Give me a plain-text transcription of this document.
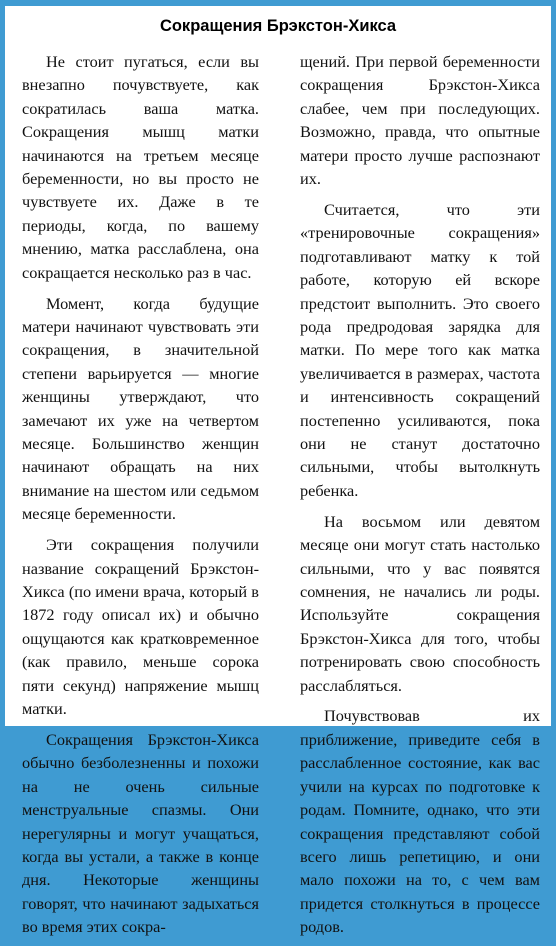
Сокращения Брэкстон-Хикса

Не стоит пугаться, если вы внезапно почувствуете, как сократилась ваша матка. Сокращения мышц матки начинаются на третьем месяце беременности, но вы просто не чувствуете их. Даже в те периоды, когда, по вашему мнению, матка расслаблена, она сокращается несколько раз в час.

Момент, когда будущие матери начинают чувствовать эти сокращения, в значительной степени варьируется — многие женщины утверждают, что замечают их уже на четвертом месяце. Большинство женщин начинают обращать на них внимание на шестом или седьмом месяце беременности.

Эти сокращения получили название сокращений Брэкстон-Хикса (по имени врача, который в 1872 году описал их) и обычно ощущаются как кратковременное (как правило, меньше сорока пяти секунд) напряжение мышц матки.

Сокращения Брэкстон-Хикса обычно безболезненны и похожи на не очень сильные менструальные спазмы. Они нерегулярны и могут учащаться, когда вы устали, а также в конце дня. Некоторые женщины говорят, что начинают задыхаться во время этих сокра-

щений. При первой беременности сокращения Брэкстон-Хикса слабее, чем при последующих. Возможно, правда, что опытные матери просто лучше распознают их.

Считается, что эти «тренировочные сокращения» подготавливают матку к той работе, которую ей вскоре предстоит выполнить. Это своего рода предродовая зарядка для матки. По мере того как матка увеличивается в размерах, частота и интенсивность сокращений постепенно усиливаются, пока они не станут достаточно сильными, чтобы вытолкнуть ребенка.

На восьмом или девятом месяце они могут стать настолько сильными, что у вас появятся сомнения, не начались ли роды. Используйте сокращения Брэкстон-Хикса для того, чтобы потренировать свою способность расслабляться.

Почувствовав их приближение, приведите себя в расслабленное состояние, как вас учили на курсах по подготовке к родам. Помните, однако, что эти сокращения представляют собой всего лишь репетицию, и они мало похожи на то, с чем вам придется столкнуться в процессе родов.
